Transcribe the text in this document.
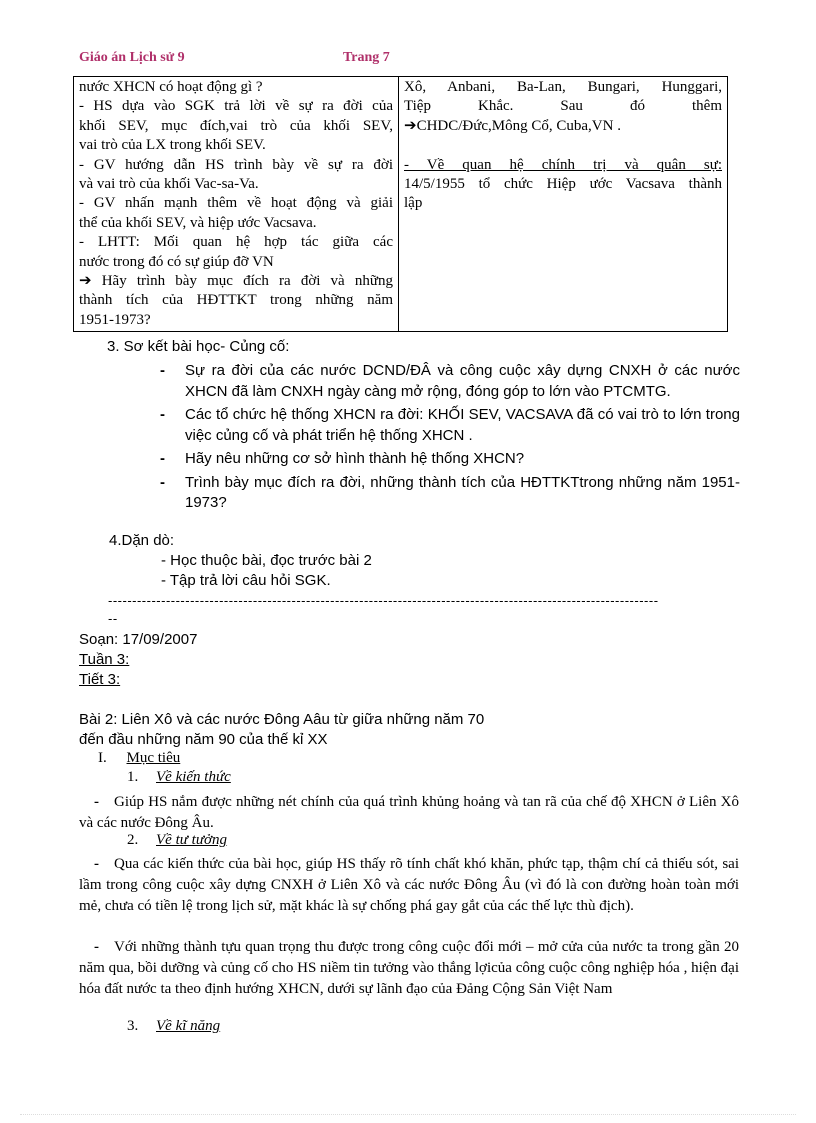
Giáo án Lịch sử 9	Trang 7
nước XHCN có hoạt động gì ?
- HS dựa vào SGK trả lời về sự ra đời của
khối SEV, mục đích,vai trò của khối SEV,
vai trò của LX trong khối SEV.
- GV hướng dẫn HS trình bày về sự ra đời
và vai trò của khối Vac-sa-Va.
- GV nhấn mạnh thêm về hoạt động và giải
thể của khối SEV, và hiệp ước Vacsava.
- LHTT: Mối quan hệ hợp tác giữa các
nước trong đó có sự giúp đỡ VN
➔ Hãy trình bày mục đích ra đời và những
thành tích của HĐTTKT trong những năm
1951-1973?

Xô, Anbani, Ba-Lan, Bungari, Hunggari,
Tiệp Khắc. Sau đó thêm
➔CHDC/Đức,Mông Cổ, Cuba,VN .

- Về quan hệ chính trị và quân sự:
14/5/1955 tổ chức Hiệp ước Vacsava thành
lập
3. Sơ kết bài học- Củng cố:
- Sự ra đời của các nước DCND/ĐÂ và công cuộc xây dựng CNXH ở các nước XHCN đã làm CNXH ngày càng mở rộng, đóng góp to lớn vào PTCMTG.
- Các tổ chức hệ thống XHCN ra đời: KHỐI SEV, VACSAVA đã có vai trò to lớn trong việc củng cố và phát triển hệ thống XHCN .
- Hãy nêu những cơ sở hình thành hệ thống XHCN?
- Trình bày mục đích ra đời, những thành tích của HĐTTKTtrong những năm 1951-1973?
4.Dặn dò:
- Học thuộc bài, đọc trước bài 2
- Tập trả lời câu hỏi SGK.
------------------------------------------------------------------------------------------------------------------
--
Soạn: 17/09/2007
Tuần 3:
Tiết 3:
Bài 2: Liên Xô và các nước Đông Aâu từ giữa những năm 70
đến đầu những năm 90 của thế kỉ XX
I. Mục tiêu
1. Về kiến thức
- Giúp HS nắm được những nét chính của quá trình khủng hoảng và tan rã của chế độ XHCN ở Liên Xô và các nước Đông Âu.
2. Về tư tưởng
- Qua các kiến thức của bài học, giúp HS thấy rõ tính chất khó khăn, phức tạp, thậm chí cả thiếu sót, sai lầm trong công cuộc xây dựng CNXH ở Liên Xô và các nước Đông Âu (vì đó là con đường hoàn toàn mới mẻ, chưa có tiền lệ trong lịch sử, mặt khác là sự chống phá gay gắt của các thế lực thù địch).
- Với những thành tựu quan trọng thu được trong công cuộc đổi mới – mở cửa của nước ta trong gần 20 năm qua, bồi dưỡng và củng cố cho HS niềm tin tưởng vào thắng lợicủa công cuộc công nghiệp hóa , hiện đại hóa đất nước ta theo định hướng XHCN, dưới sự lãnh đạo của Đảng Cộng Sản Việt Nam
3. Về kĩ năng
